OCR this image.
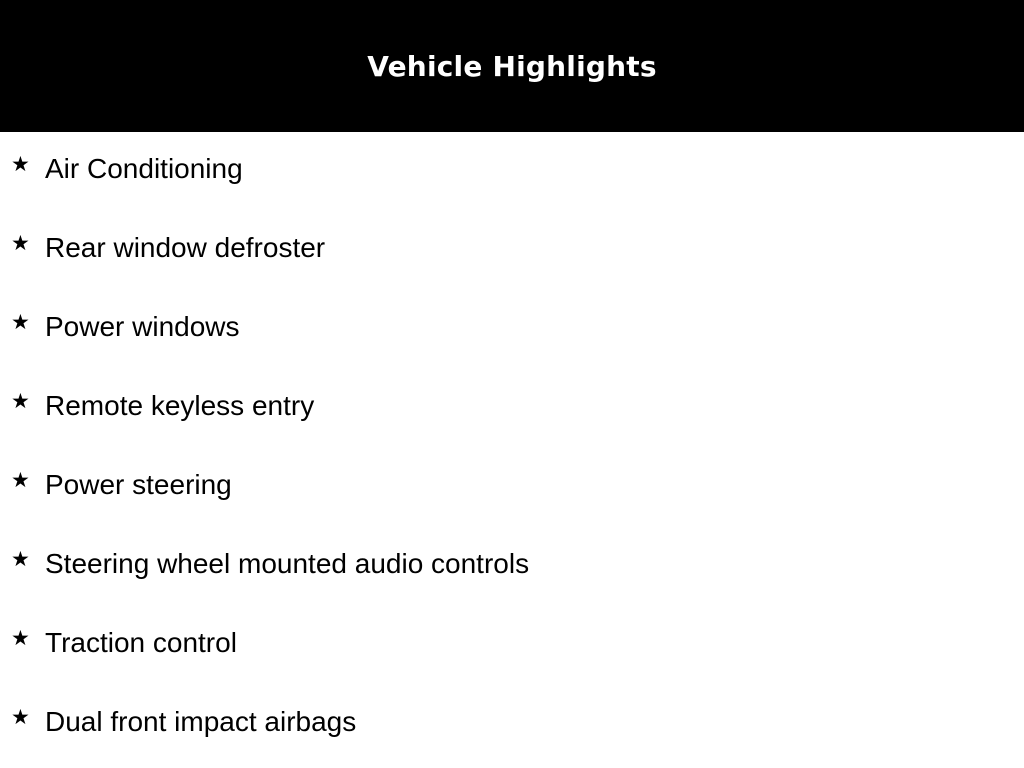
Vehicle Highlights
★ Air Conditioning
★ Rear window defroster
★ Power windows
★ Remote keyless entry
★ Power steering
★ Steering wheel mounted audio controls
★ Traction control
★ Dual front impact airbags
